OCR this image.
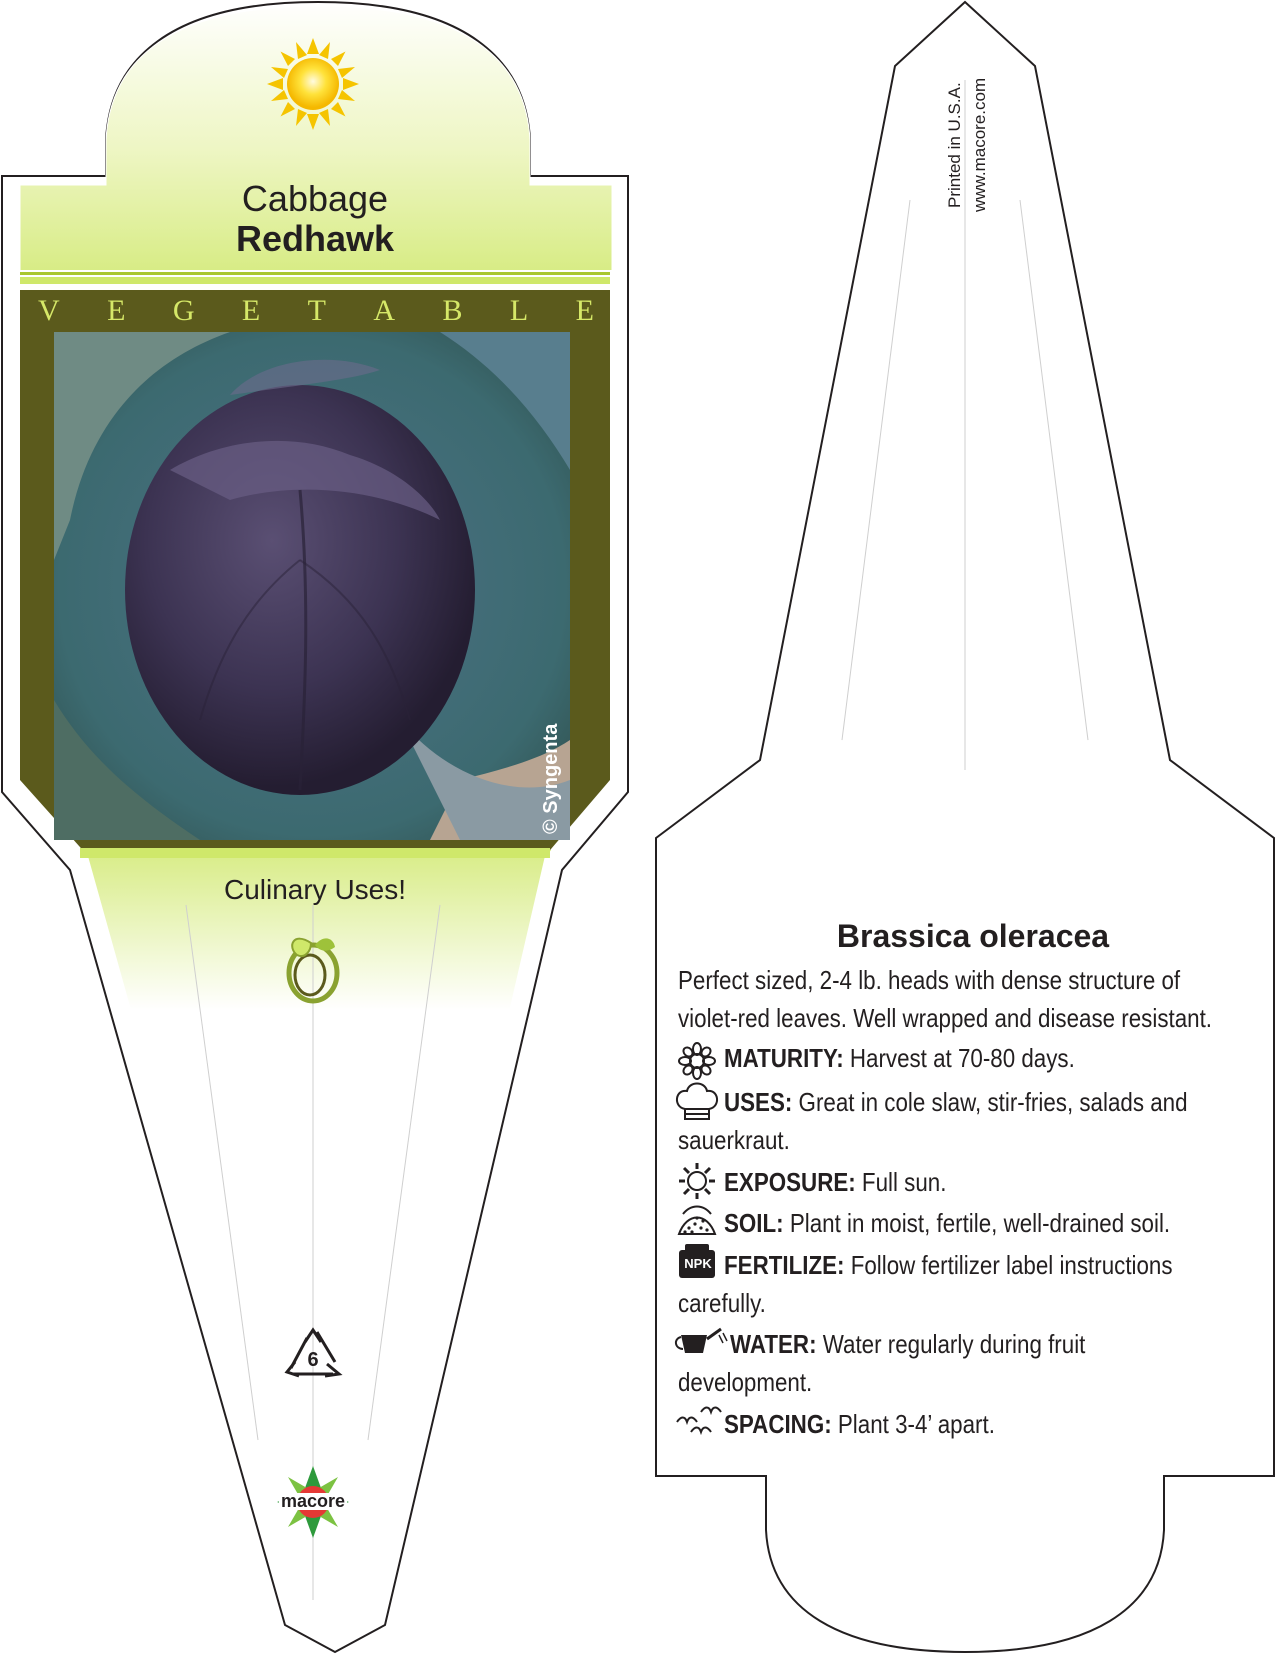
Cabbage
Redhawk
V E G E T A B L E
© Syngenta
Culinary Uses!
6
macore
Printed in U.S.A. www.macore.com
Brassica oleracea
Perfect sized, 2-4 lb. heads with dense structure of
violet-red leaves. Well wrapped and disease resistant.
MATURITY: Harvest at 70-80 days.
USES: Great in cole slaw, stir-fries, salads and
sauerkraut.
EXPOSURE: Full sun.
SOIL: Plant in moist, fertile, well-drained soil.
NPK FERTILIZE: Follow fertilizer label instructions
carefully.
WATER: Water regularly during fruit
development.
SPACING: Plant 3-4’ apart.
